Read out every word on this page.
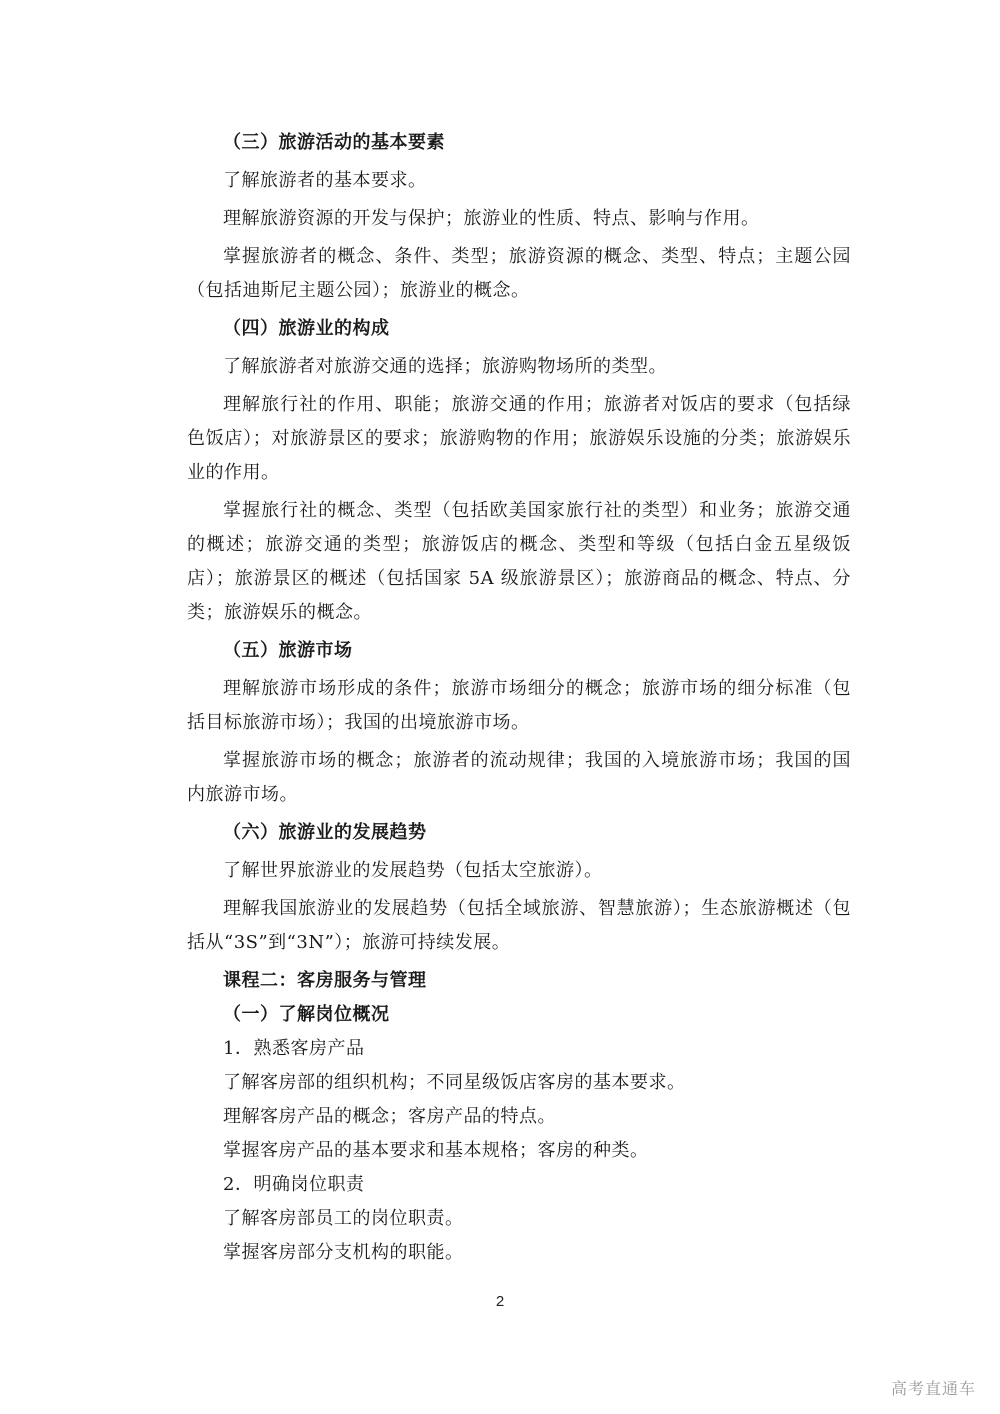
（三）旅游活动的基本要素

了解旅游者的基本要求。

理解旅游资源的开发与保护；旅游业的性质、特点、影响与作用。

掌握旅游者的概念、条件、类型；旅游资源的概念、类型、特点；主题公园（包括迪斯尼主题公园）；旅游业的概念。

（四）旅游业的构成

了解旅游者对旅游交通的选择；旅游购物场所的类型。

理解旅行社的作用、职能；旅游交通的作用；旅游者对饭店的要求（包括绿色饭店）；对旅游景区的要求；旅游购物的作用；旅游娱乐设施的分类；旅游娱乐业的作用。

掌握旅行社的概念、类型（包括欧美国家旅行社的类型）和业务；旅游交通的概述；旅游交通的类型；旅游饭店的概念、类型和等级（包括白金五星级饭店）；旅游景区的概述（包括国家 5A 级旅游景区）；旅游商品的概念、特点、分类；旅游娱乐的概念。

（五）旅游市场

理解旅游市场形成的条件；旅游市场细分的概念；旅游市场的细分标准（包括目标旅游市场）；我国的出境旅游市场。

掌握旅游市场的概念；旅游者的流动规律；我国的入境旅游市场；我国的国内旅游市场。

（六）旅游业的发展趋势

了解世界旅游业的发展趋势（包括太空旅游）。

理解我国旅游业的发展趋势（包括全域旅游、智慧旅游）；生态旅游概述（包括从“3S”到“3N”）；旅游可持续发展。

课程二：客房服务与管理

（一）了解岗位概况

1．熟悉客房产品

了解客房部的组织机构；不同星级饭店客房的基本要求。

理解客房产品的概念；客房产品的特点。

掌握客房产品的基本要求和基本规格；客房的种类。

2．明确岗位职责

了解客房部员工的岗位职责。

掌握客房部分支机构的职能。

2
高考直通车
